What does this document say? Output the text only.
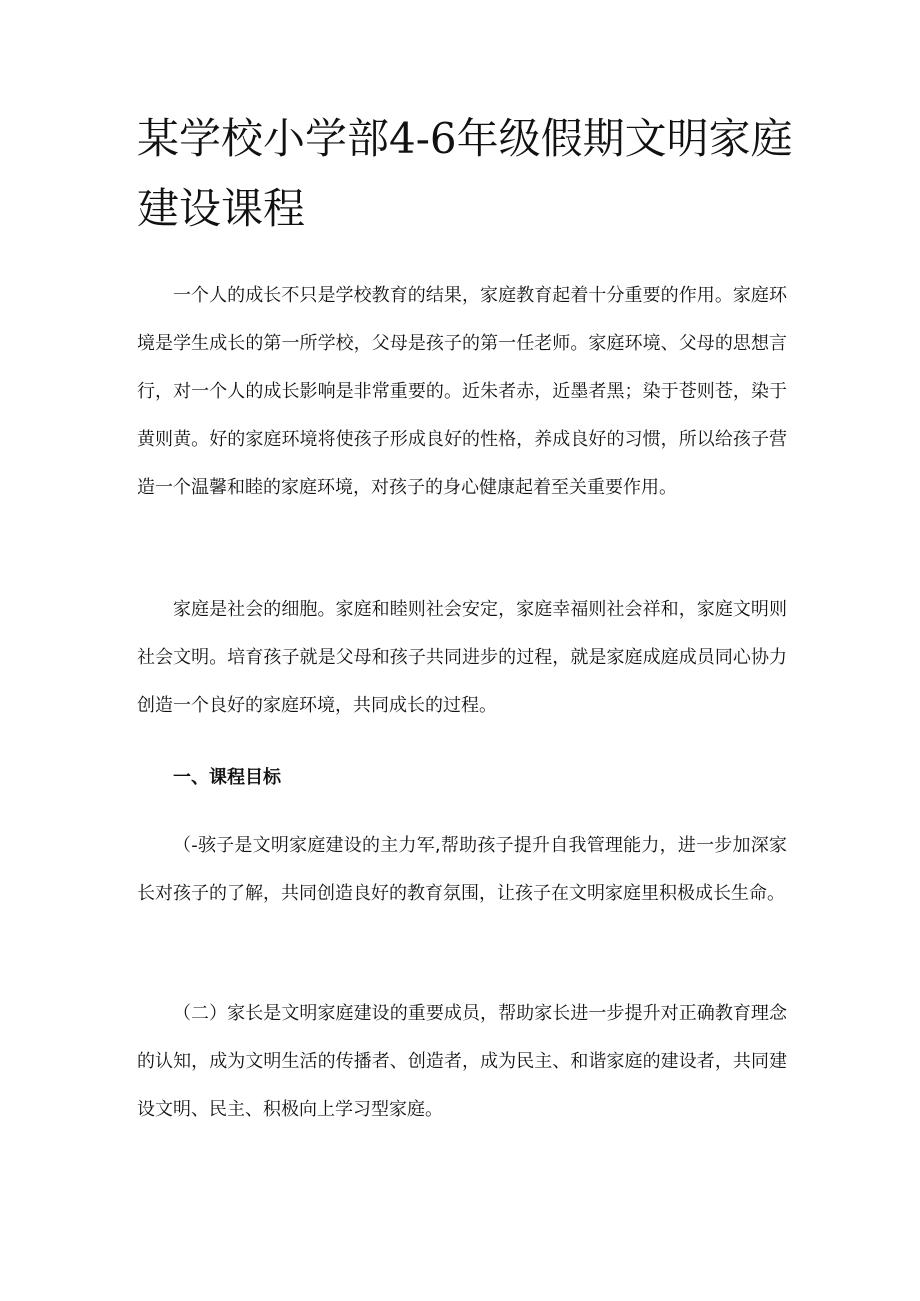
某学校小学部4-6年级假期文明家庭建设课程

一个人的成长不只是学校教育的结果，家庭教育起着十分重要的作用。家庭环境是学生成长的第一所学校，父母是孩子的第一任老师。家庭环境、父母的思想言行，对一个人的成长影响是非常重要的。近朱者赤，近墨者黑；染于苍则苍，染于黄则黄。好的家庭环境将使孩子形成良好的性格，养成良好的习惯，所以给孩子营造一个温馨和睦的家庭环境，对孩子的身心健康起着至关重要作用。

家庭是社会的细胞。家庭和睦则社会安定，家庭幸福则社会祥和，家庭文明则社会文明。培育孩子就是父母和孩子共同进步的过程，就是家庭成庭成员同心协力创造一个良好的家庭环境，共同成长的过程。

一、课程目标

（-骇子是文明家庭建设的主力军,帮助孩子提升自我管理能力，进一步加深家长对孩子的了解，共同创造良好的教育氛围，让孩子在文明家庭里积极成长生命。

（二）家长是文明家庭建设的重要成员，帮助家长进一步提升对正确教育理念的认知，成为文明生活的传播者、创造者，成为民主、和谐家庭的建设者，共同建设文明、民主、积极向上学习型家庭。
